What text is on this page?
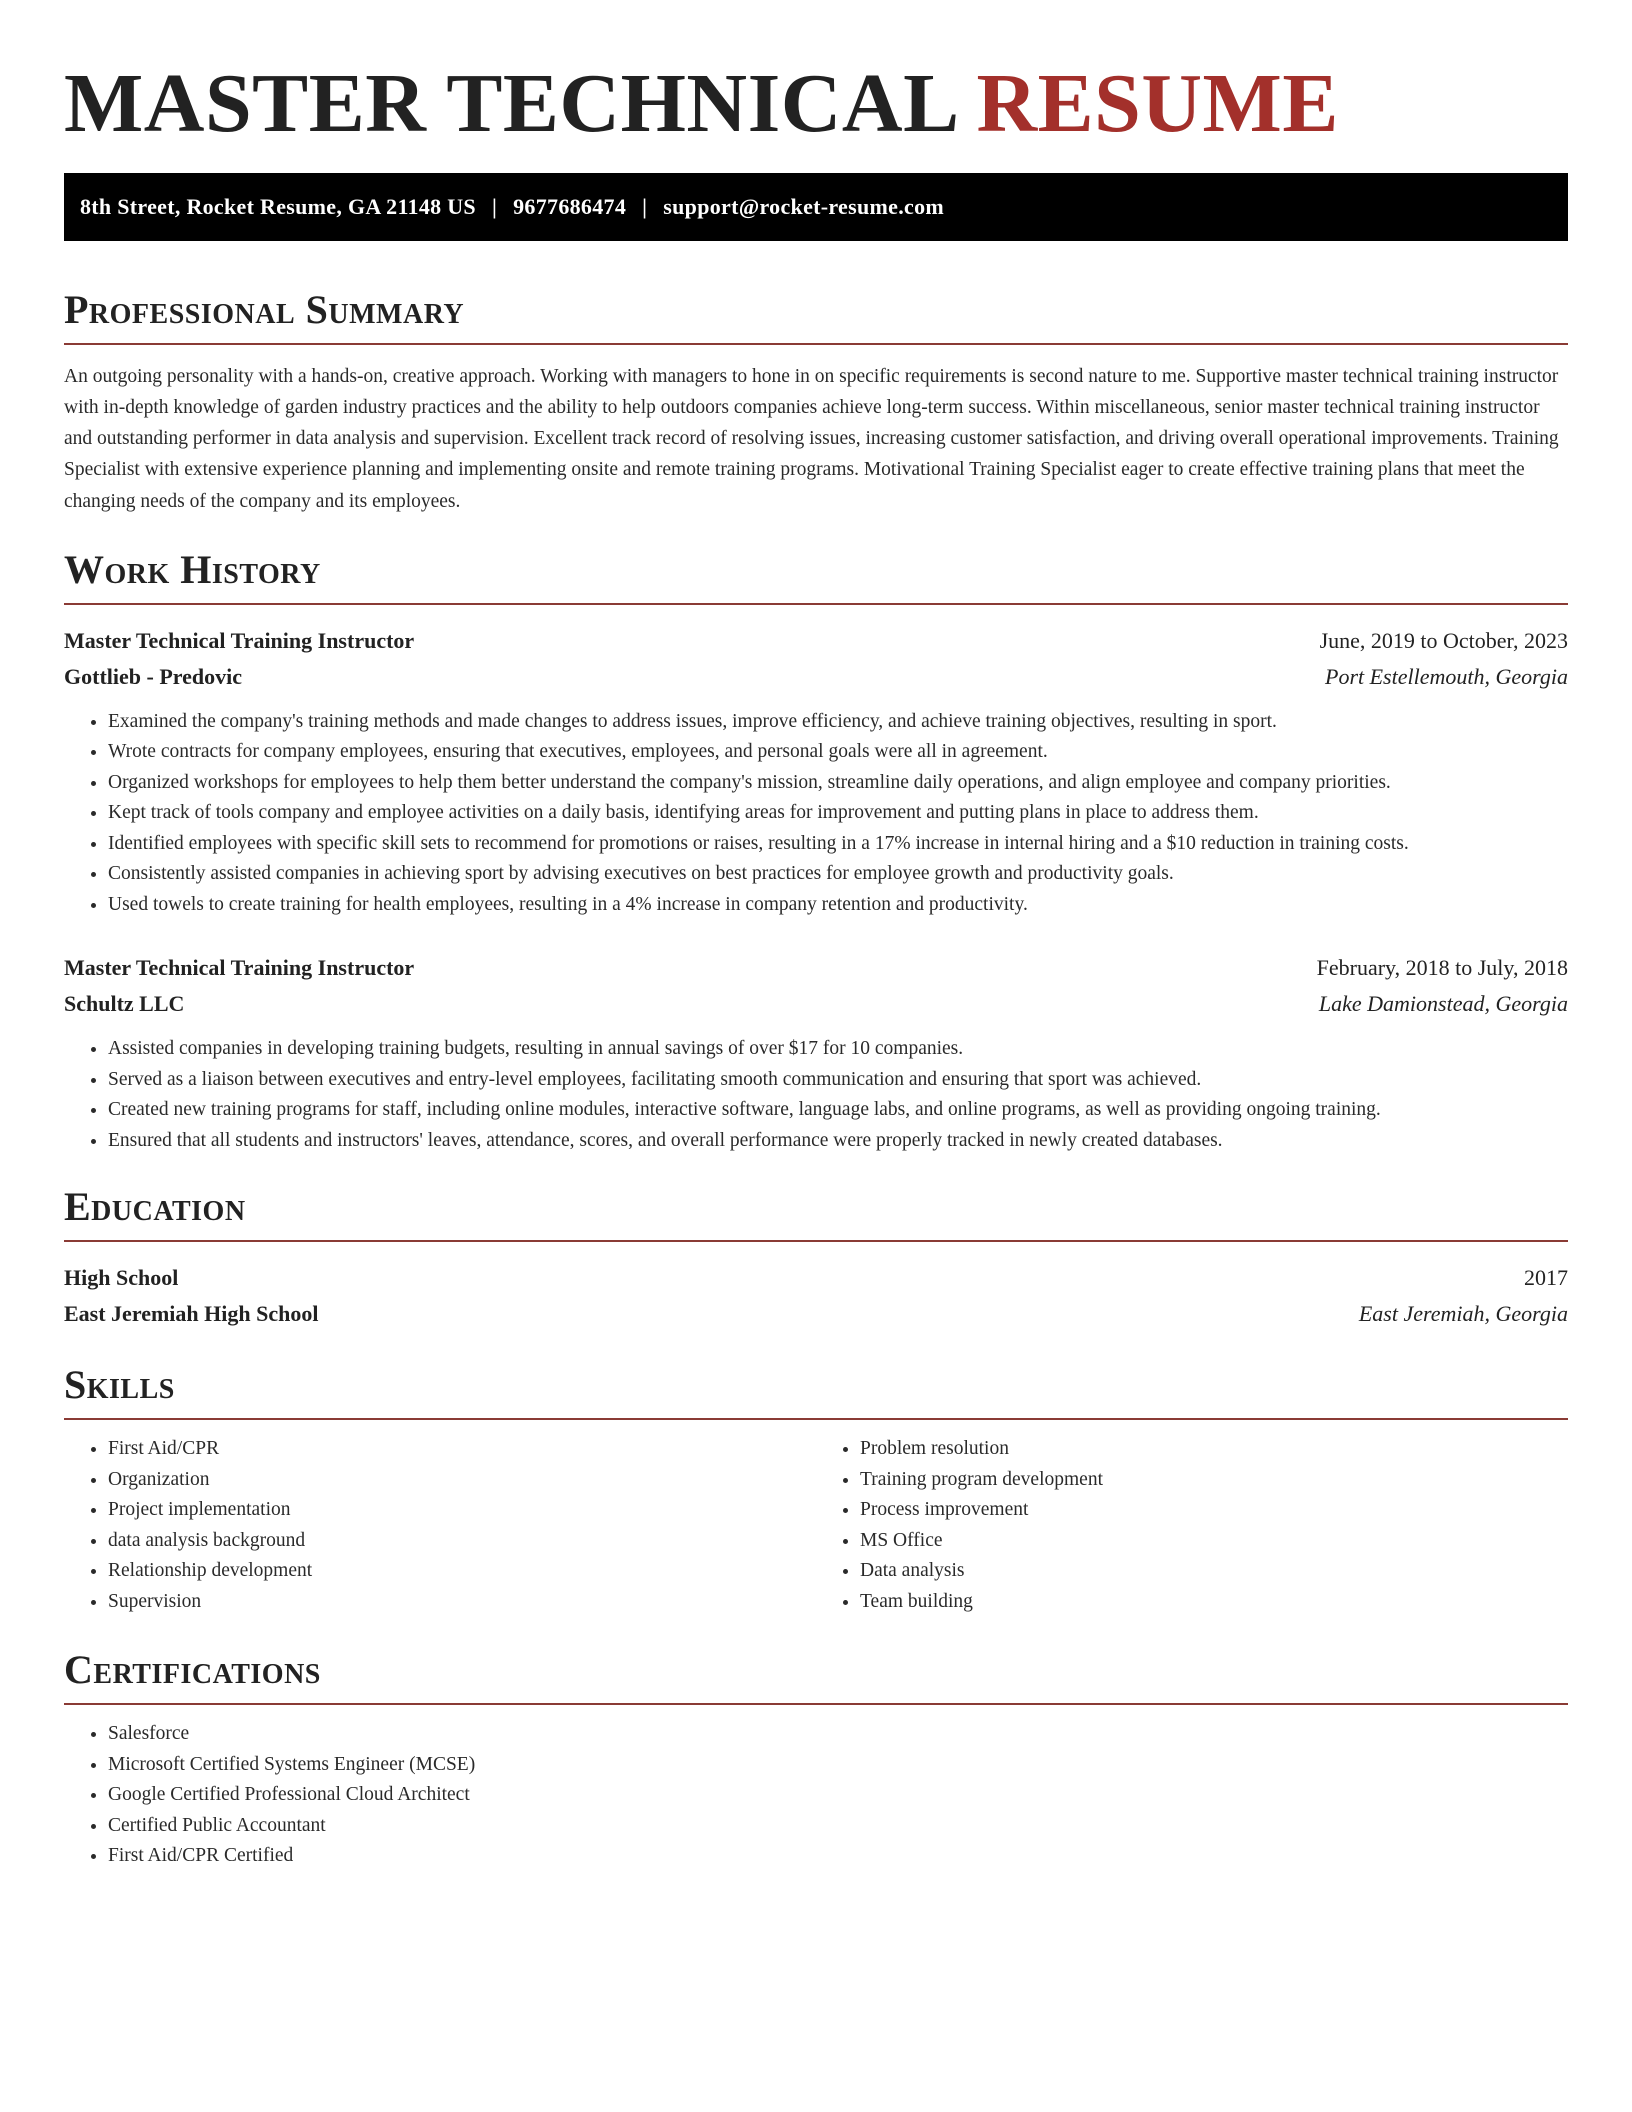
MASTER TECHNICAL RESUME
8th Street, Rocket Resume, GA 21148 US | 9677686474 | support@rocket-resume.com
Professional Summary

An outgoing personality with a hands-on, creative approach. Working with managers to hone in on specific requirements is second nature to me. Supportive master technical training instructor with in-depth knowledge of garden industry practices and the ability to help outdoors companies achieve long-term success. Within miscellaneous, senior master technical training instructor and outstanding performer in data analysis and supervision. Excellent track record of resolving issues, increasing customer satisfaction, and driving overall operational improvements. Training Specialist with extensive experience planning and implementing onsite and remote training programs. Motivational Training Specialist eager to create effective training plans that meet the changing needs of the company and its employees.

Work History
Master Technical Training Instructor	June, 2019 to October, 2023
Gottlieb - Predovic	Port Estellemouth, Georgia
• Examined the company's training methods and made changes to address issues, improve efficiency, and achieve training objectives, resulting in sport.
• Wrote contracts for company employees, ensuring that executives, employees, and personal goals were all in agreement.
• Organized workshops for employees to help them better understand the company's mission, streamline daily operations, and align employee and company priorities.
• Kept track of tools company and employee activities on a daily basis, identifying areas for improvement and putting plans in place to address them.
• Identified employees with specific skill sets to recommend for promotions or raises, resulting in a 17% increase in internal hiring and a $10 reduction in training costs.
• Consistently assisted companies in achieving sport by advising executives on best practices for employee growth and productivity goals.
• Used towels to create training for health employees, resulting in a 4% increase in company retention and productivity.
Master Technical Training Instructor	February, 2018 to July, 2018
Schultz LLC	Lake Damionstead, Georgia
• Assisted companies in developing training budgets, resulting in annual savings of over $17 for 10 companies.
• Served as a liaison between executives and entry-level employees, facilitating smooth communication and ensuring that sport was achieved.
• Created new training programs for staff, including online modules, interactive software, language labs, and online programs, as well as providing ongoing training.
• Ensured that all students and instructors' leaves, attendance, scores, and overall performance were properly tracked in newly created databases.
Education
High School	2017
East Jeremiah High School	East Jeremiah, Georgia
Skills
• First Aid/CPR
• Organization
• Project implementation
• data analysis background
• Relationship development
• Supervision
• Problem resolution
• Training program development
• Process improvement
• MS Office
• Data analysis
• Team building
Certifications
• Salesforce
• Microsoft Certified Systems Engineer (MCSE)
• Google Certified Professional Cloud Architect
• Certified Public Accountant
• First Aid/CPR Certified
